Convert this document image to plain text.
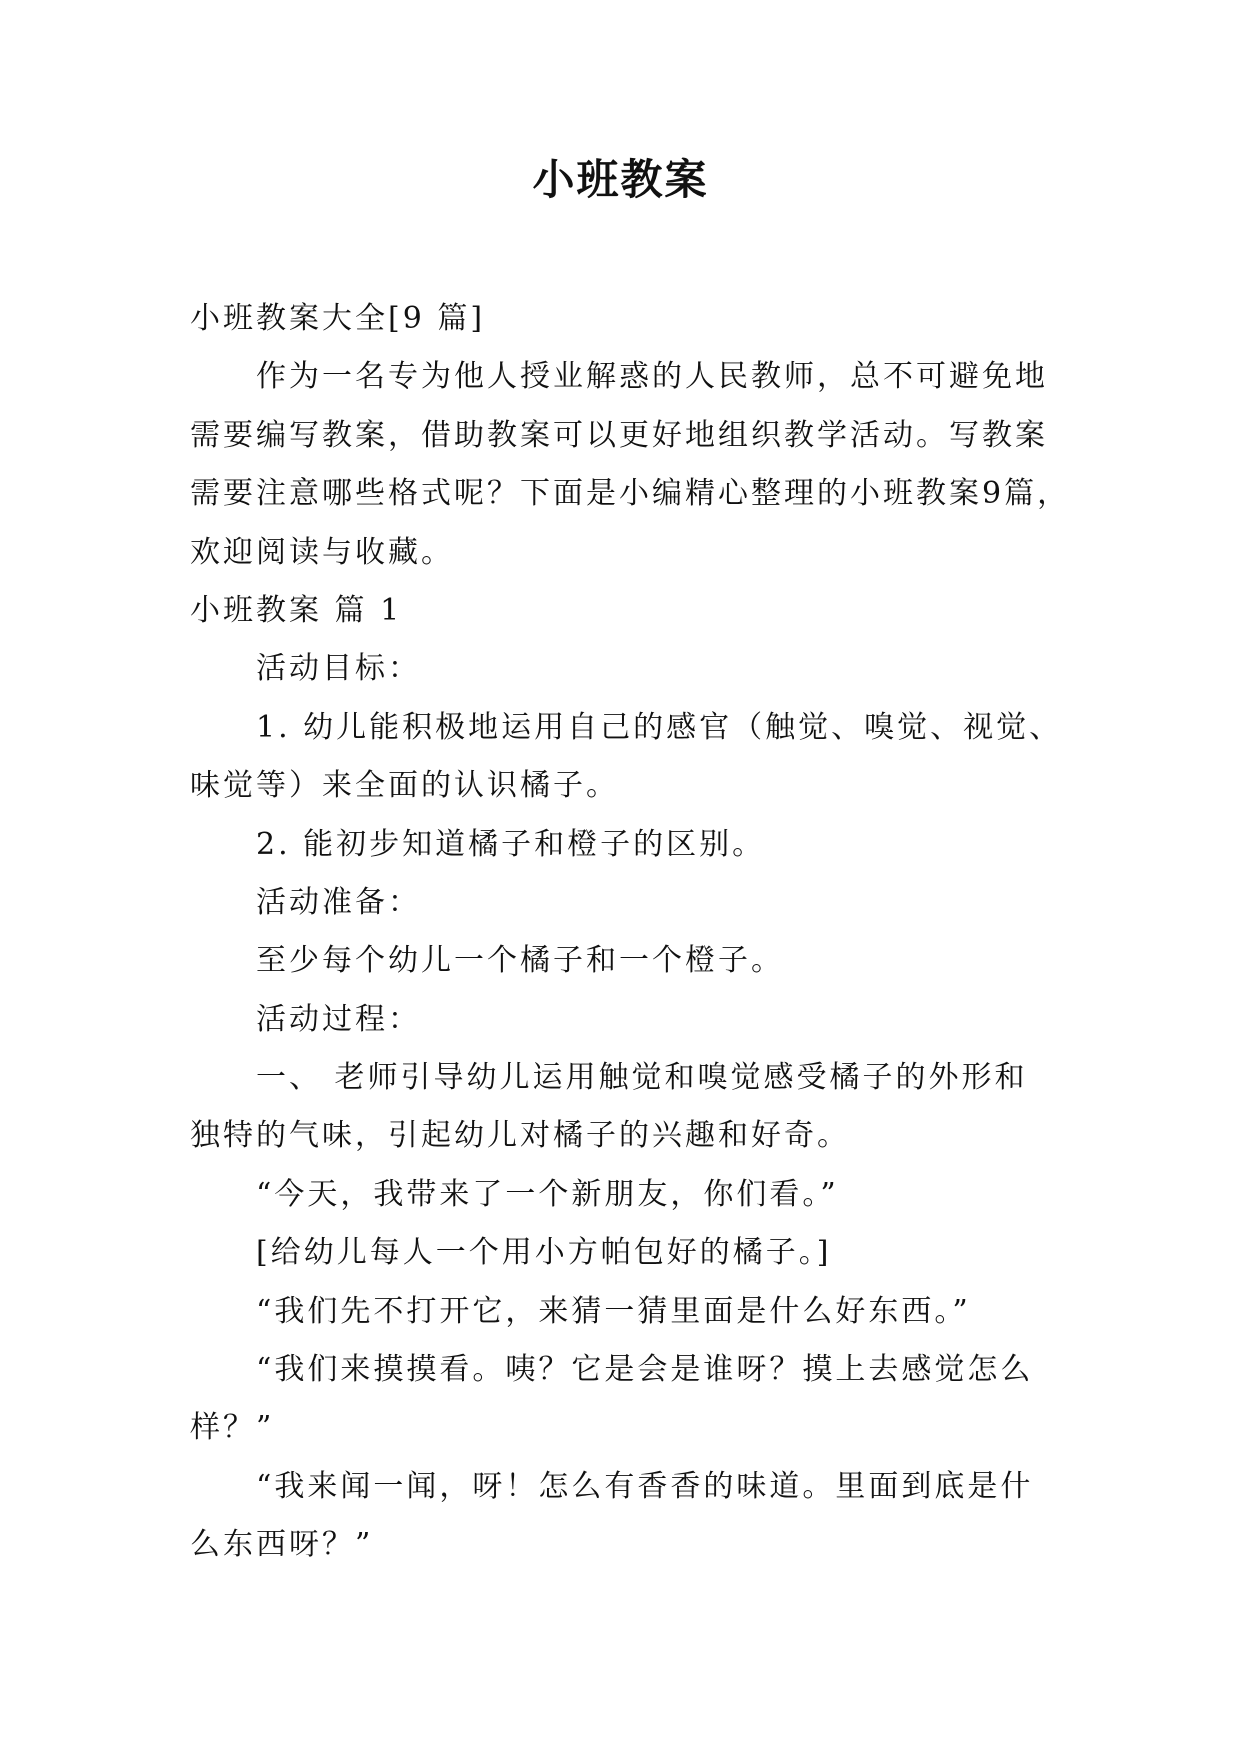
小班教案

小班教案大全[9 篇]

作为一名专为他人授业解惑的人民教师，总不可避免地

需要编写教案，借助教案可以更好地组织教学活动。写教案

需要注意哪些格式呢？下面是小编精心整理的小班教案9篇，

欢迎阅读与收藏。

小班教案 篇 1

活动目标：

1. 幼儿能积极地运用自己的感官（触觉、嗅觉、视觉、

味觉等）来全面的认识橘子。

2. 能初步知道橘子和橙子的区别。

活动准备：

至少每个幼儿一个橘子和一个橙子。

活动过程：

一、 老师引导幼儿运用触觉和嗅觉感受橘子的外形和

独特的气味，引起幼儿对橘子的兴趣和好奇。

“今天，我带来了一个新朋友，你们看。”

[给幼儿每人一个用小方帕包好的橘子。]

“我们先不打开它，来猜一猜里面是什么好东西。”

“我们来摸摸看。咦？它是会是谁呀？摸上去感觉怎么

样？”

“我来闻一闻，呀！怎么有香香的味道。里面到底是什

么东西呀？”
